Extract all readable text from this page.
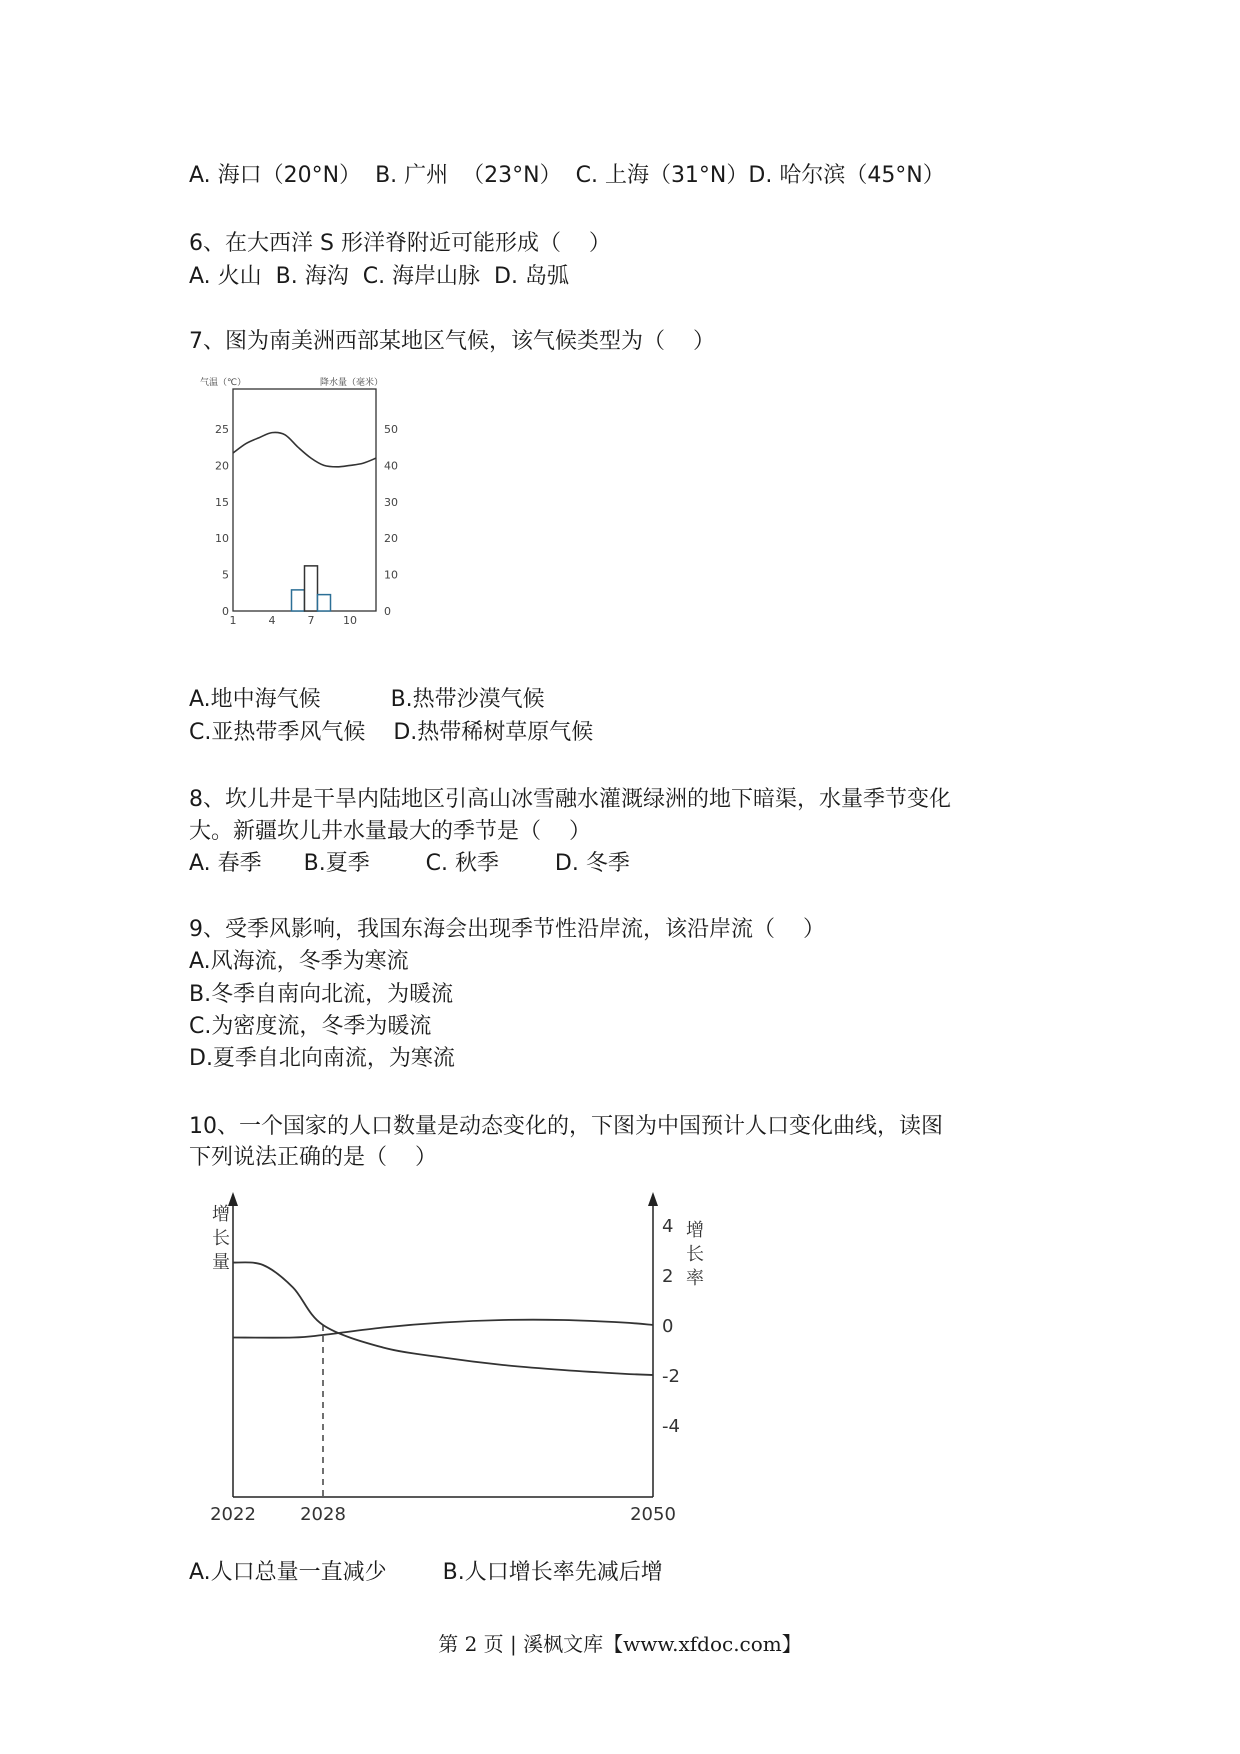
A. 海口（20°N）  B. 广州  （23°N）  C. 上海（31°N）D. 哈尔滨（45°N）
6、在大西洋 S 形洋脊附近可能形成（    ）
A. 火山  B. 海沟  C. 海岸山脉  D. 岛弧
7、图为南美洲西部某地区气候，该气候类型为（    ）
A.地中海气候          B.热带沙漠气候
C.亚热带季风气候    D.热带稀树草原气候
8、坎儿井是干旱内陆地区引高山冰雪融水灌溉绿洲的地下暗渠，水量季节变化
大。新疆坎儿井水量最大的季节是（    ）
A. 春季      B.夏季        C. 秋季        D. 冬季
9、受季风影响，我国东海会出现季节性沿岸流，该沿岸流（    ）
A.风海流，冬季为寒流
B.冬季自南向北流，为暖流
C.为密度流，冬季为暖流
D.夏季自北向南流，为寒流
10、一个国家的人口数量是动态变化的，下图为中国预计人口变化曲线，读图
下列说法正确的是（    ）
A.人口总量一直减少        B.人口增长率先减后增
气温（℃）	降水量（毫米）
25
20
15
10
5
0
50
40
30
20
10
0
1	4	7	10
增长量
增长率
4
2
0
-2
-4
2022 2028	2050
第 2 页 | 溪枫文库【www.xfdoc.com】
